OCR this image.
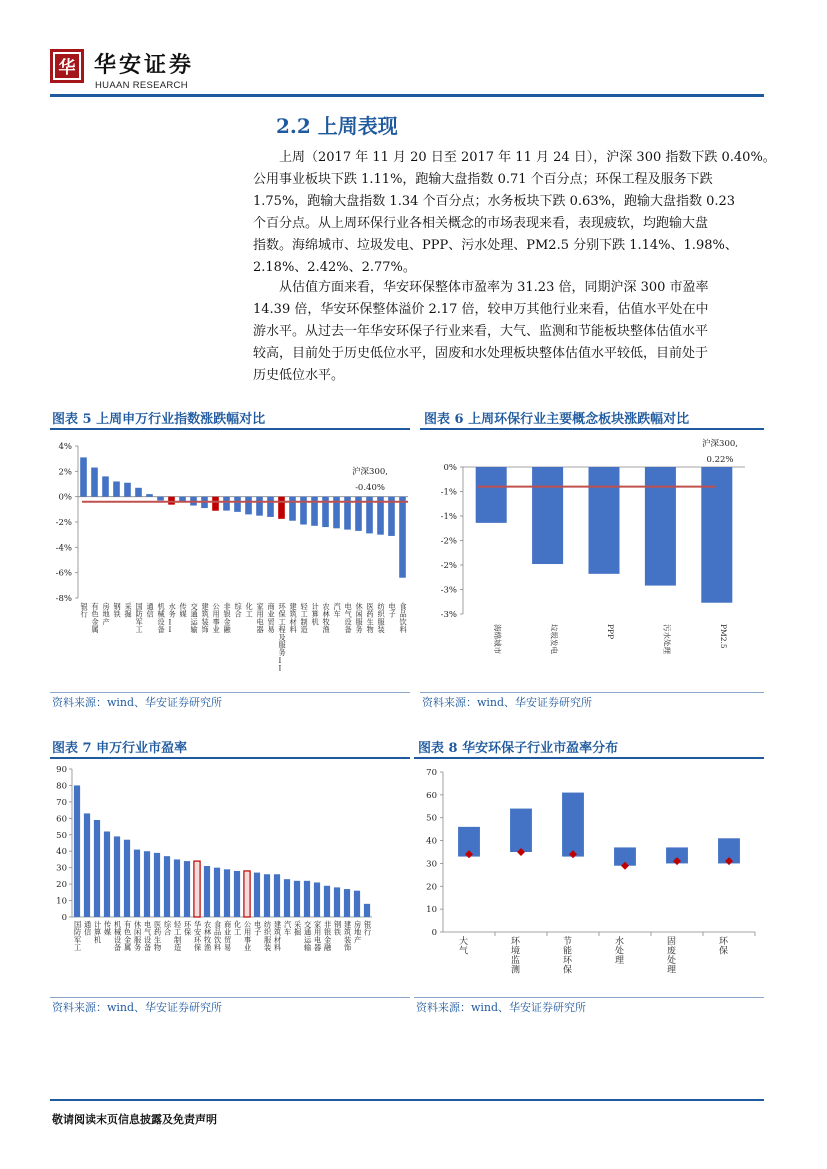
华 华安证券
HUAAN RESEARCH
2.2 上周表现
上周（2017 年 11 月 20 日至 2017 年 11 月 24 日），沪深 300 指数下跌 0.40%。
公用事业板块下跌 1.11%，跑输大盘指数 0.71 个百分点；环保工程及服务下跌
1.75%，跑输大盘指数 1.34 个百分点；水务板块下跌 0.63%，跑输大盘指数 0.23
个百分点。从上周环保行业各相关概念的市场表现来看，表现疲软，均跑输大盘
指数。海绵城市、垃圾发电、PPP、污水处理、PM2.5 分别下跌 1.14%、1.98%、
2.18%、2.42%、2.77%。
从估值方面来看，华安环保整体市盈率为 31.23 倍，同期沪深 300 市盈率
14.39 倍，华安环保整体溢价 2.17 倍，较申万其他行业来看，估值水平处在中
游水平。从过去一年华安环保子行业来看，大气、监测和节能板块整体估值水平
较高，目前处于历史低位水平，固废和水处理板块整体估值水平较低，目前处于
历史低位水平。
图表 5 上周申万行业指数涨跌幅对比
4%
2%
0%
-2%
-4%
-6%
-8%
银行
有色金属
房地产
钢铁
采掘
国防军工
通信
机械设备
水务 I I
传媒
交通运输
建筑装饰
公用事业
非银金融
综合
化工
家用电器
商业贸易
环保工程及服务 I I
建筑材料
轻工制造
计算机
农林牧渔
汽车
电气设备
休闲服务
医药生物
纺织服装
电子
食品饮料
沪深300,
-0.40%
资料来源：wind、华安证券研究所
图表 6 上周环保行业主要概念板块涨跌幅对比
0%
-1%
-1%
-2%
-2%
-3%
-3%
海绵城市	垃圾发电	PPP	污水处理	PM2.5
沪深300,
0.22%
资料来源：wind、华安证券研究所
图表 7 申万行业市盈率
0
10
20
30
40
50
60
70
80
90
国防军工
通信
计算机
传媒
机械设备
有色金属
休闲服务
电气设备
医药生物
综合
轻工制造
环保
华安环保
农林牧渔
食品饮料
商业贸易
化工
公用事业
电子
纺织服装
建筑材料
汽车
采掘
交通运输
家用电器
非银金融
钢铁
建筑装饰
房地产
银行
资料来源：wind、华安证券研究所
图表 8 华安环保子行业市盈率分布
0
10
20
30
40
50
60
70
大气
环境监测
节能环保
水处理
固废处理
环保
资料来源：wind、华安证券研究所
敬请阅读末页信息披露及免责声明
